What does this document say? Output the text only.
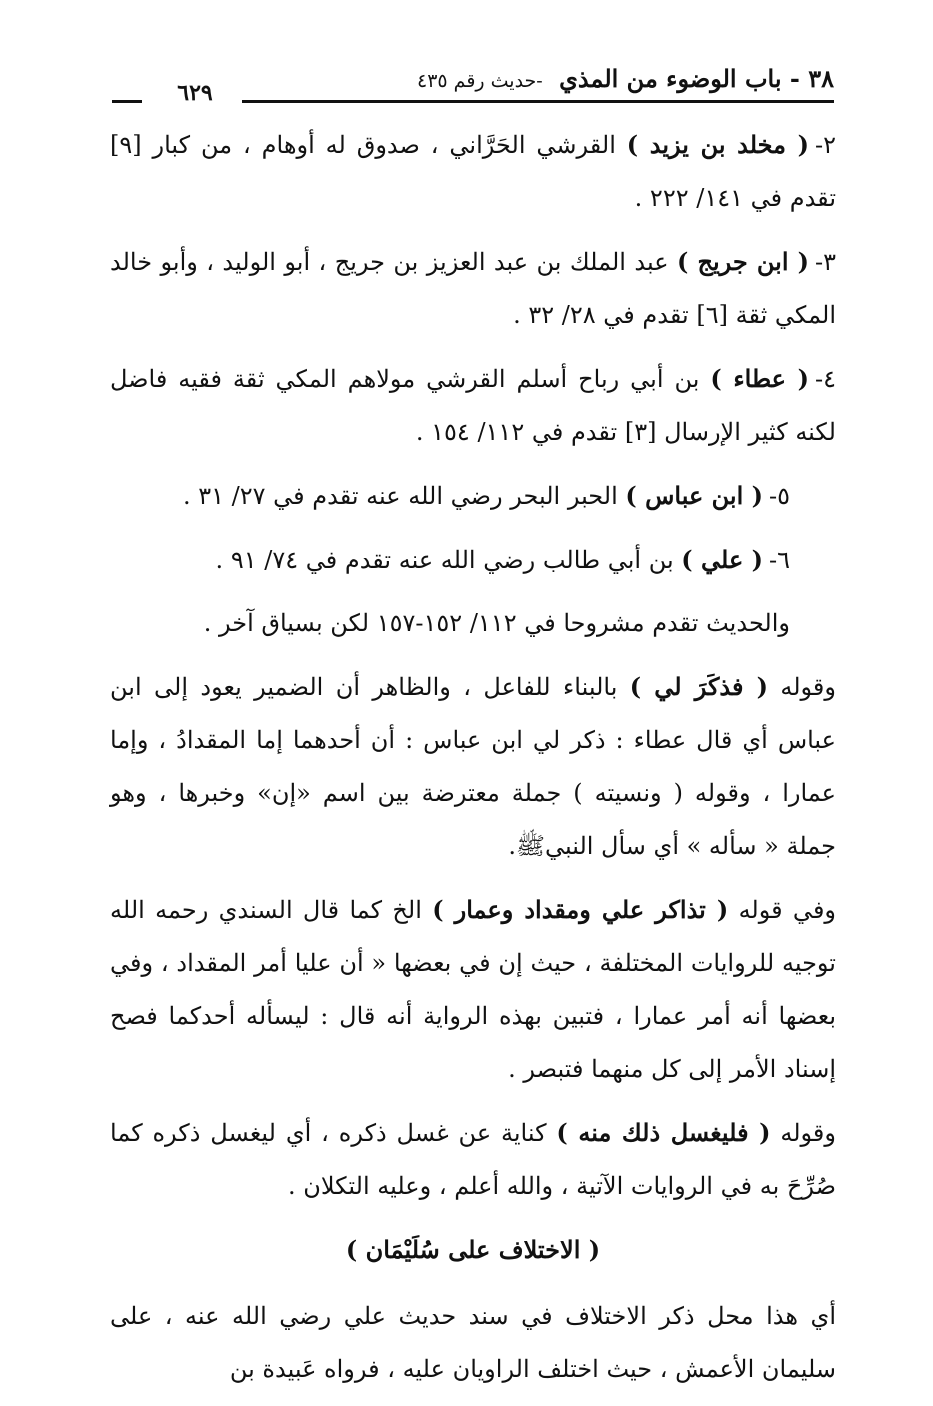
٣٨ - باب الوضوء من المذي -حديث رقم ٤٣٥
٦٢٩

٢-( مخلد بن يزيد ) القرشي الحَرَّاني ، صدوق له أوهام ، من كبار [٩] تقدم في ١٤١/ ٢٢٢ .

٣-( ابن جريج ) عبد الملك بن عبد العزيز بن جريج ، أبو الوليد ، وأبو خالد المكي ثقة [٦] تقدم في ٢٨/ ٣٢ .

٤-( عطاء ) بن أبي رباح أسلم القرشي مولاهم المكي ثقة فقيه فاضل لكنه كثير الإرسال [٣] تقدم في ١١٢/ ١٥٤ .

٥-( ابن عباس ) الحبر البحر رضي الله عنه تقدم في ٢٧/ ٣١ .

٦-( علي ) بن أبي طالب رضي الله عنه تقدم في ٧٤/ ٩١ .

والحديث تقدم مشروحا في ١١٢/ ١٥٢-١٥٧ لكن بسياق آخر .

وقوله ( فذكَرَ لي ) بالبناء للفاعل ، والظاهر أن الضمير يعود إلى ابن عباس أي قال عطاء : ذكر لي ابن عباس : أن أحدهما إما المقدادُ ، وإما عمارا ، وقوله ( ونسيته ) جملة معترضة بين اسم «إن» وخبرها ، وهو جملة « سأله » أي سأل النبيﷺ.

وفي قوله ( تذاكر علي ومقداد وعمار ) الخ كما قال السندي رحمه الله توجيه للروايات المختلفة ، حيث إن في بعضها « أن عليا أمر المقداد ، وفي بعضها أنه أمر عمارا ، فتبين بهذه الرواية أنه قال : ليسأله أحدكما فصح إسناد الأمر إلى كل منهما فتبصر .

وقوله ( فليغسل ذلك منه ) كناية عن غسل ذكره ، أي ليغسل ذكره كما صُرِّحَ به في الروايات الآتية ، والله أعلم ، وعليه التكلان .

( الاختلاف على سُلَيْمَان )

أي هذا محل ذكر الاختلاف في سند حديث علي رضي الله عنه ، على سليمان الأعمش ، حيث اختلف الراويان عليه ، فرواه عَبيدة بن
